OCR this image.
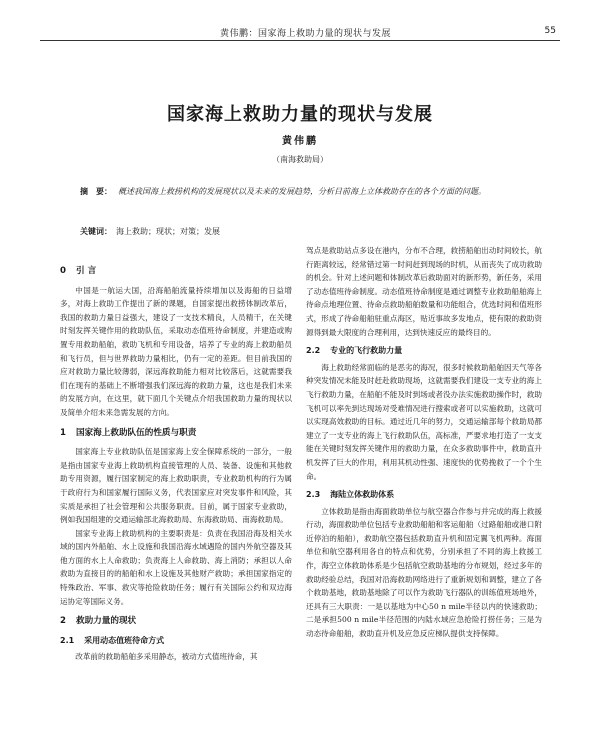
黄伟鹏：国家海上救助力量的现状与发展	55
国家海上救助力量的现状与发展
黄伟鹏
（南海救助局）
摘　要： 概述我国海上救捞机构的发展现状以及未来的发展趋势，分析目前海上立体救助存在的各个方面的问题。
关键词： 海上救助；现状；对策；发展
0 引 言

中国是一航运大国，沿海船舶流量持续增加以及海船的日益增多，对海上救助工作提出了新的课题，自国家提出救捞体制改革后，我国的救助力量日益强大，建设了一支技术精良，人员精干，在关键时刻发挥关键作用的救助队伍，采取动态值班待命制度，并建造或购置专用救助船舶，救助飞机和专用设备，培养了专业的海上救助船员和飞行员，但与世界救助力量相比，仍有一定的差距。但目前我国的应对救助力量比较薄弱，深远海救助能力相对比较落后，这就需要我们在现有的基础上不断增强我们深远海的救助力量，这也是我们未来的发展方向，在这里，就下面几个关键点介绍我国救助力量的现状以及简单介绍未来急需发展的方向。

1 国家海上救助队伍的性质与职责

国家海上专业救助队伍是国家海上安全保障系统的一部分，一般是指由国家专业海上救助机构直接管理的人员、装备、设施和其他救助专用资源，履行国家制定的海上救助职责，专业救助机构的行为属于政府行为和国家履行国际义务，代表国家应对突发事件和风险，其实质是承担了社会管理和公共服务职责。目前，属于国家专业救助，例如我国组建的交通运输部北海救助局、东海救助局、南海救助局。

国家专业海上救助机构的主要职责是：负责在我国沿海及相关水域的国内外船舶、水上设施和我国沿海水域遇险的国内外航空器及其他方面的水上人命救助；负责海上人命救助、海上消防；承担以人命救助为直接目的的船舶和水上设施及其他财产救助；承担国家指定的特殊政治、军事、救灾等抢险救助任务；履行有关国际公约和双边海运协定等国际义务。

2 救助力量的现状
2.1 采用动态值班待命方式

改革前的救助船舶多采用静态，被动方式值班待命，其

驾点是救助站点多设在港内，分布不合理，救捞船舶出动时间较长，航行距离较远，经常错过第一时间赶到现场的时机，从而丧失了成功救助的机会。针对上述问题和体制改革后救助面对的新形势，新任务，采用了动态值班待命制度。动态值班待命制度是通过调整专业救助船舶海上待命点地理位置、待命点救助船舶数量和功能组合，优选时间和值班形式，形成了待命船舶驻重点海区，贴近事故多发地点，使有限的救助资源得到最大限度的合理利用，达到快速反应的最终目的。

2.2 专业的飞行救助力量

海上救助经常面临的是恶劣的海况，很多时候救助船舶因天气等各种突发情况未能及时赶赴救助现场，这就需要我们建设一支专业的海上飞行救助力量，在船舶不能及时到场或者没办法实施救助操作时，救助飞机可以率先到达现场对受难情况进行搜索或者可以实施救助，这就可以实现高效救助的目标。通过近几年的努力，交通运输部每个救助局都建立了一支专业的海上飞行救助队伍，高标准，严要求地打造了一支支能在关键时刻发挥关键作用的救助力量，在众多救助事件中，救助直升机发挥了巨大的作用，利用其机动性强、速度快的优势挽救了一个个生命。

2.3 海陆立体救助体系

立体救助是指由海面救助单位与航空器合作参与并完成的海上救援行动，海面救助单位包括专业救助船舶和客运船舶（过路船舶或港口附近停泊的船舶），救助航空器包括救助直升机和固定翼飞机两种。海面单位和航空器利用各自的特点和优势，分别承担了不同的海上救援工作，海空立体救助体系是少包括航空救助基地的分布规划，经过多年的救助经验总结，我国对沿海救助网络进行了重新规划和调整，建立了各个救助基地，救助基地除了可以作为救助飞行器队的训练值班场地外，还具有三大职责：一是以基地为中心50 n mile半径以内的快速救助；二是承担500 n mile半径范围的内陆水域应急抢险打捞任务；三是为动态待命船舶，救助直升机及应急反应梯队提供支持保障。
